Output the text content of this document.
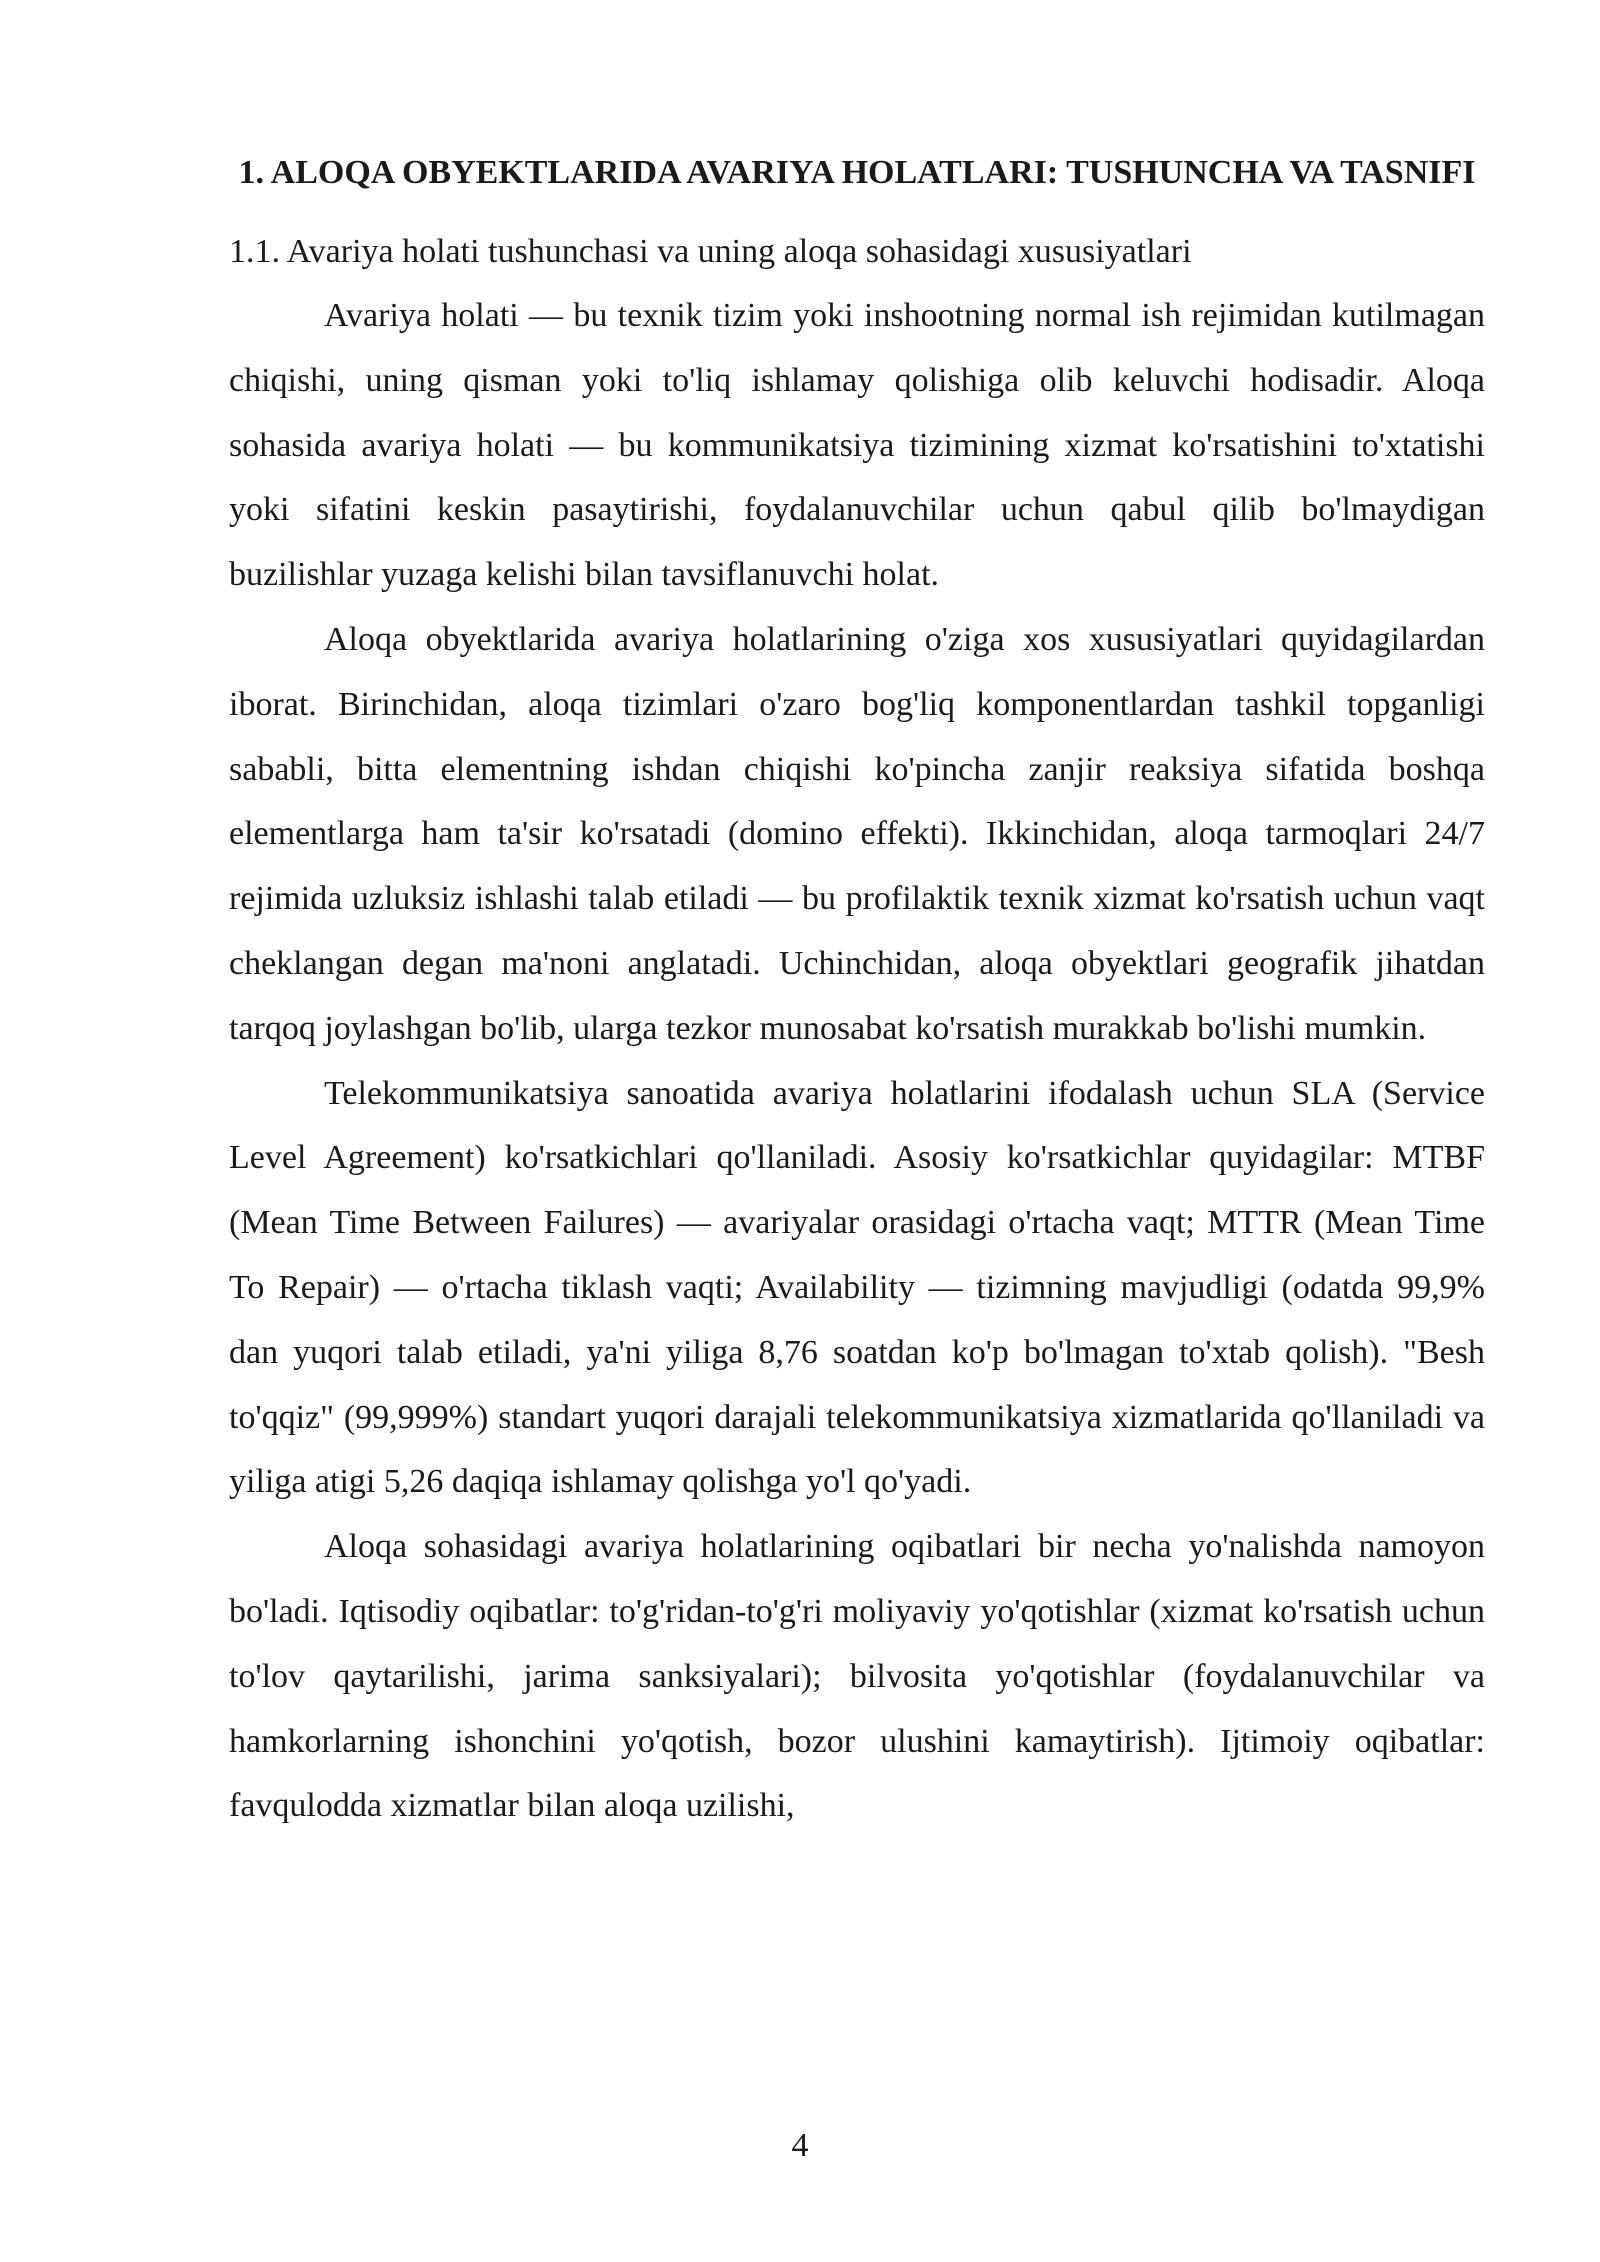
1. ALOQA OBYEKTLARIDA AVARIYA HOLATLARI: TUSHUNCHA VA TASNIFI
1.1. Avariya holati tushunchasi va uning aloqa sohasidagi xususiyatlari

Avariya holati — bu texnik tizim yoki inshootning normal ish rejimidan kutilmagan chiqishi, uning qisman yoki to'liq ishlamay qolishiga olib keluvchi hodisadir. Aloqa sohasida avariya holati — bu kommunikatsiya tizimining xizmat ko'rsatishini to'xtatishi yoki sifatini keskin pasaytirishi, foydalanuvchilar uchun qabul qilib bo'lmaydigan buzilishlar yuzaga kelishi bilan tavsiflanuvchi holat.

Aloqa obyektlarida avariya holatlarining o'ziga xos xususiyatlari quyidagilardan iborat. Birinchidan, aloqa tizimlari o'zaro bog'liq komponentlardan tashkil topganligi sababli, bitta elementning ishdan chiqishi ko'pincha zanjir reaksiya sifatida boshqa elementlarga ham ta'sir ko'rsatadi (domino effekti). Ikkinchidan, aloqa tarmoqlari 24/7 rejimida uzluksiz ishlashi talab etiladi — bu profilaktik texnik xizmat ko'rsatish uchun vaqt cheklangan degan ma'noni anglatadi. Uchinchidan, aloqa obyektlari geografik jihatdan tarqoq joylashgan bo'lib, ularga tezkor munosabat ko'rsatish murakkab bo'lishi mumkin.

Telekommunikatsiya sanoatida avariya holatlarini ifodalash uchun SLA (Service Level Agreement) ko'rsatkichlari qo'llaniladi. Asosiy ko'rsatkichlar quyidagilar: MTBF (Mean Time Between Failures) — avariyalar orasidagi o'rtacha vaqt; MTTR (Mean Time To Repair) — o'rtacha tiklash vaqti; Availability — tizimning mavjudligi (odatda 99,9% dan yuqori talab etiladi, ya'ni yiliga 8,76 soatdan ko'p bo'lmagan to'xtab qolish). "Besh to'qqiz" (99,999%) standart yuqori darajali telekommunikatsiya xizmatlarida qo'llaniladi va yiliga atigi 5,26 daqiqa ishlamay qolishga yo'l qo'yadi.

Aloqa sohasidagi avariya holatlarining oqibatlari bir necha yo'nalishda namoyon bo'ladi. Iqtisodiy oqibatlar: to'g'ridan-to'g'ri moliyaviy yo'qotishlar (xizmat ko'rsatish uchun to'lov qaytarilishi, jarima sanksiyalari); bilvosita yo'qotishlar (foydalanuvchilar va hamkorlarning ishonchini yo'qotish, bozor ulushini kamaytirish). Ijtimoiy oqibatlar: favqulodda xizmatlar bilan aloqa uzilishi,

4
